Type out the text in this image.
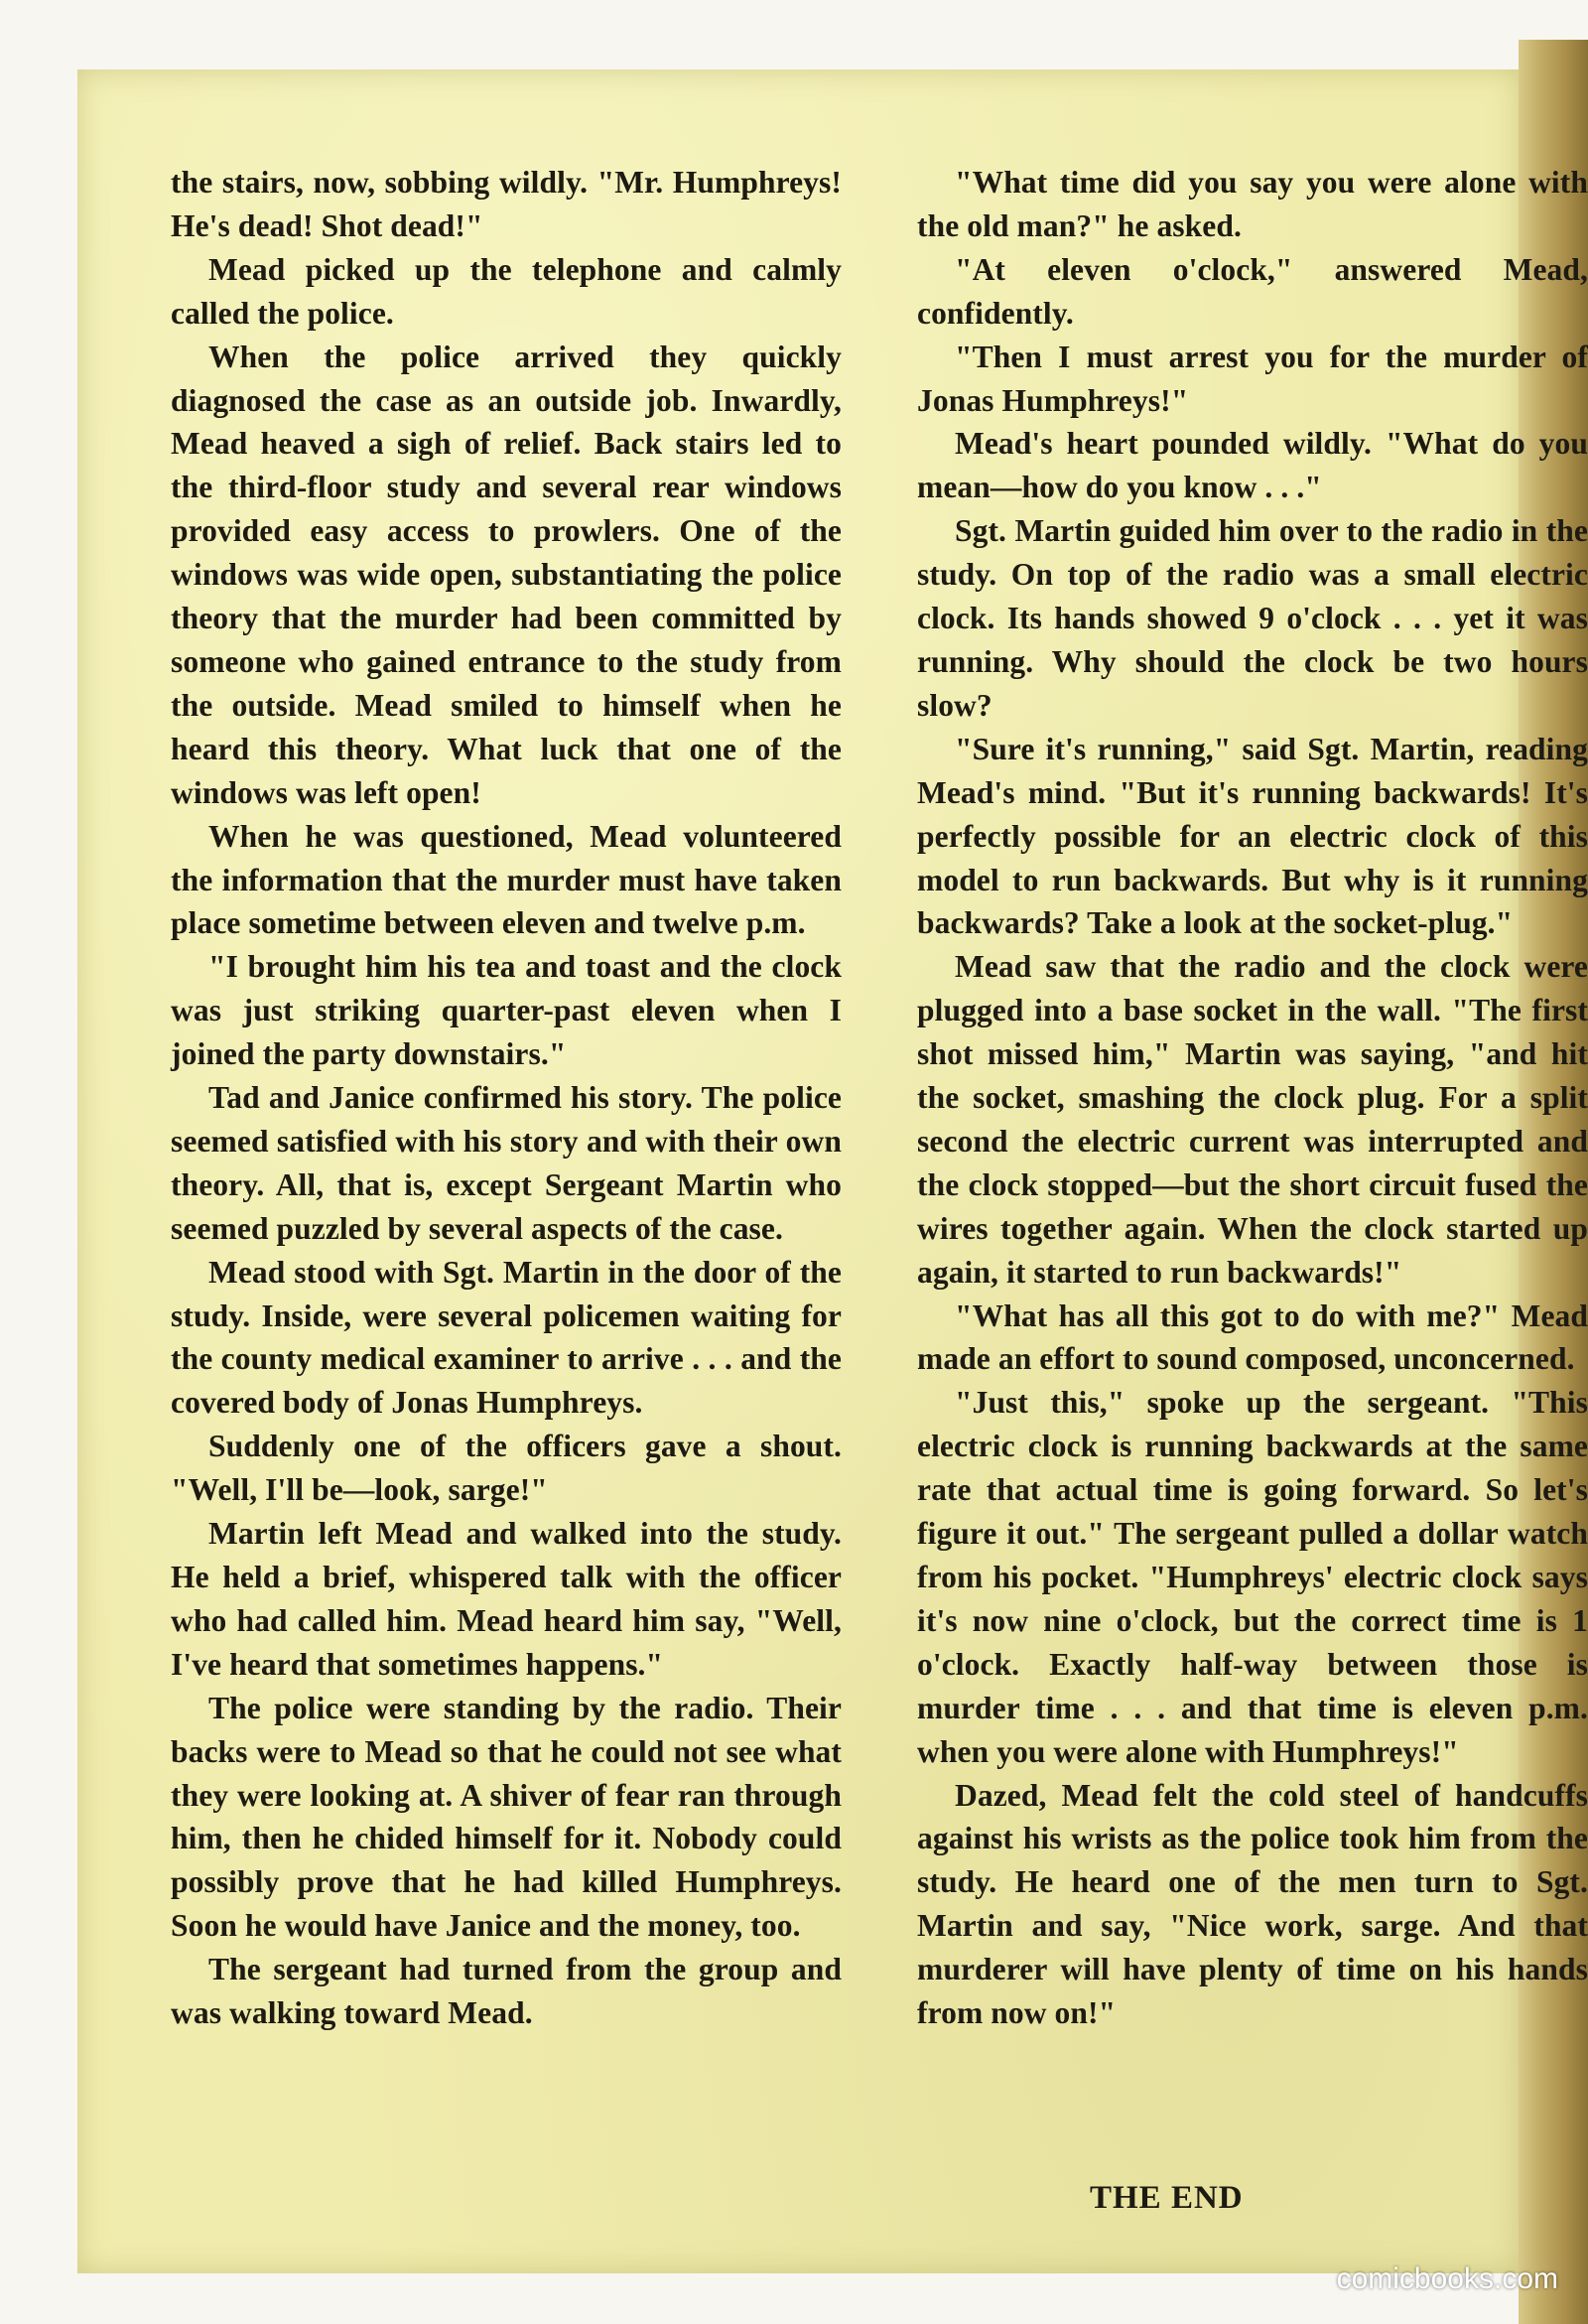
the stairs, now, sobbing wildly. "Mr. Humphreys! He's dead! Shot dead!"

Mead picked up the telephone and calmly called the police.

When the police arrived they quickly diagnosed the case as an outside job. Inwardly, Mead heaved a sigh of relief. Back stairs led to the third-floor study and several rear windows provided easy access to prowlers. One of the windows was wide open, substantiating the police theory that the murder had been committed by someone who gained entrance to the study from the outside. Mead smiled to himself when he heard this theory. What luck that one of the windows was left open!

When he was questioned, Mead volunteered the information that the murder must have taken place sometime between eleven and twelve p.m.

"I brought him his tea and toast and the clock was just striking quarter-past eleven when I joined the party downstairs."

Tad and Janice confirmed his story. The police seemed satisfied with his story and with their own theory. All, that is, except Sergeant Martin who seemed puzzled by several aspects of the case.

Mead stood with Sgt. Martin in the door of the study. Inside, were several policemen waiting for the county medical examiner to arrive . . . and the covered body of Jonas Humphreys.

Suddenly one of the officers gave a shout. "Well, I'll be—look, sarge!"

Martin left Mead and walked into the study. He held a brief, whispered talk with the officer who had called him. Mead heard him say, "Well, I've heard that sometimes happens."

The police were standing by the radio. Their backs were to Mead so that he could not see what they were looking at. A shiver of fear ran through him, then he chided himself for it. Nobody could possibly prove that he had killed Humphreys. Soon he would have Janice and the money, too.

The sergeant had turned from the group and was walking toward Mead.

"What time did you say you were alone with the old man?" he asked.

"At eleven o'clock," answered Mead, confidently.

"Then I must arrest you for the murder of Jonas Humphreys!"

Mead's heart pounded wildly. "What do you mean—how do you know . . ."

Sgt. Martin guided him over to the radio in the study. On top of the radio was a small electric clock. Its hands showed 9 o'clock . . . yet it was running. Why should the clock be two hours slow?

"Sure it's running," said Sgt. Martin, reading Mead's mind. "But it's running backwards! It's perfectly possible for an electric clock of this model to run backwards. But why is it running backwards? Take a look at the socket-plug."

Mead saw that the radio and the clock were plugged into a base socket in the wall. "The first shot missed him," Martin was saying, "and hit the socket, smashing the clock plug. For a split second the electric current was interrupted and the clock stopped—but the short circuit fused the wires together again. When the clock started up again, it started to run backwards!"

"What has all this got to do with me?" Mead made an effort to sound composed, unconcerned.

"Just this," spoke up the sergeant. "This electric clock is running backwards at the same rate that actual time is going forward. So let's figure it out." The sergeant pulled a dollar watch from his pocket. "Humphreys' electric clock says it's now nine o'clock, but the correct time is 1 o'clock. Exactly half-way between those is murder time . . . and that time is eleven p.m. when you were alone with Humphreys!"

Dazed, Mead felt the cold steel of handcuffs against his wrists as the police took him from the study. He heard one of the men turn to Sgt. Martin and say, "Nice work, sarge. And that murderer will have plenty of time on his hands from now on!"

THE END
comicbooks.com
